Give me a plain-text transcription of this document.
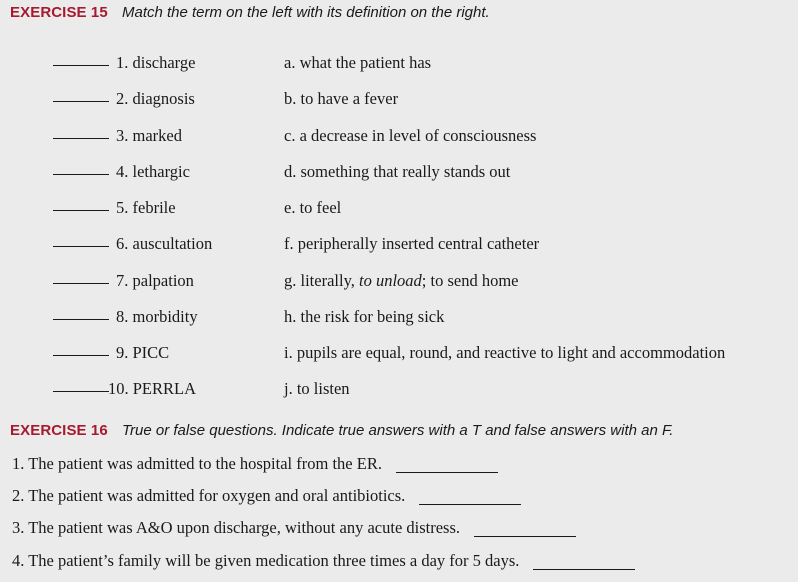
EXERCISE 15 Match the term on the left with its definition on the right.
1. discharge	a. what the patient has
2. diagnosis	b. to have a fever
3. marked	c. a decrease in level of consciousness
4. lethargic	d. something that really stands out
5. febrile	e. to feel
6. auscultation	f. peripherally inserted central catheter
7. palpation	g. literally, to unload; to send home
8. morbidity	h. the risk for being sick
9. PICC	i. pupils are equal, round, and reactive to light and accommodation
10. PERRLA	j. to listen
EXERCISE 16 True or false questions. Indicate true answers with a T and false answers with an F.
1. The patient was admitted to the hospital from the ER.
2. The patient was admitted for oxygen and oral antibiotics.
3. The patient was A&O upon discharge, without any acute distress.
4. The patient’s family will be given medication three times a day for 5 days.
